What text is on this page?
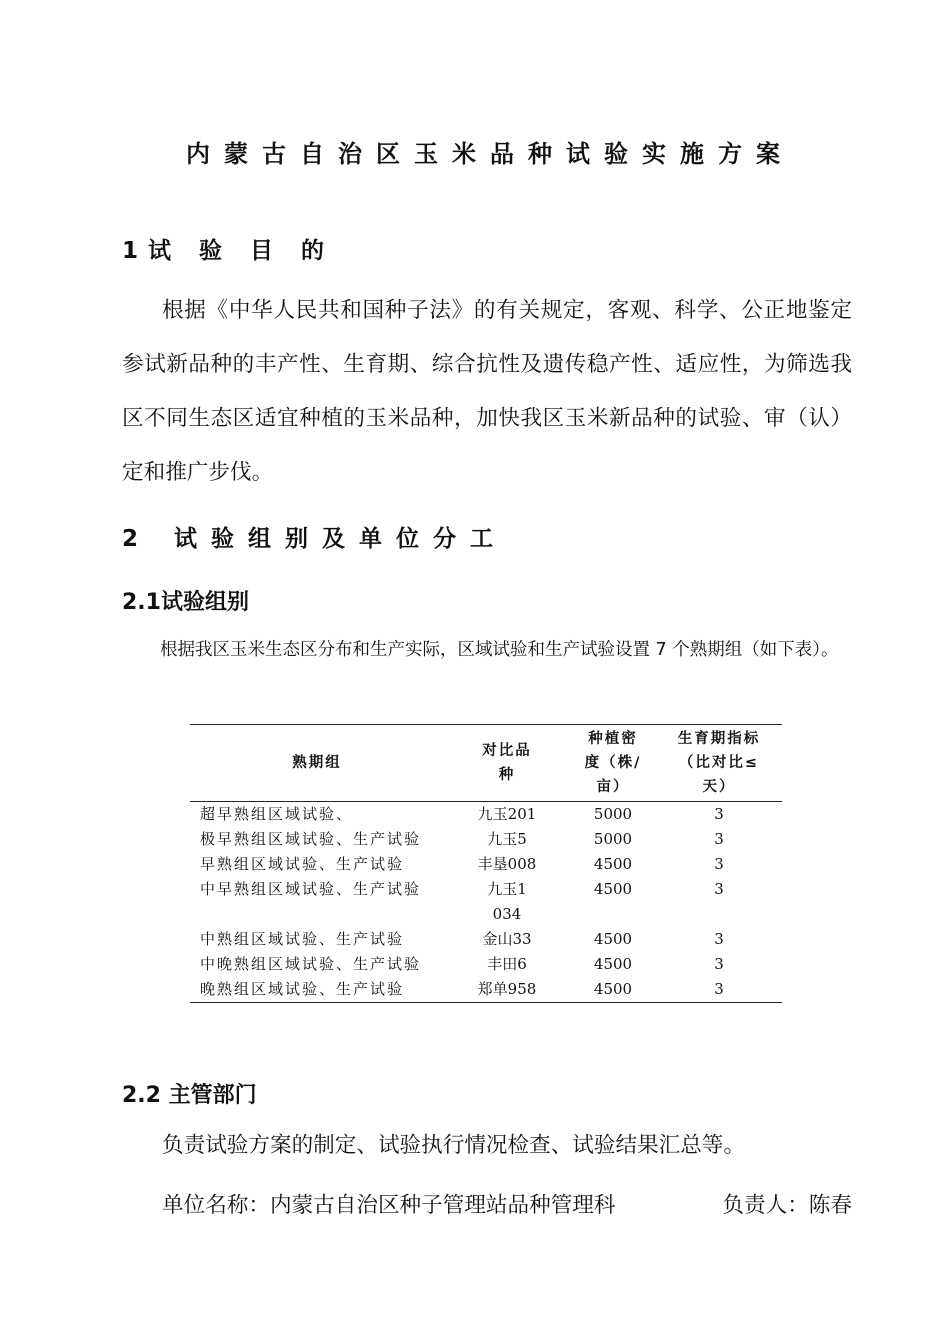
内蒙古自治区玉米品种试验实施方案
1试 验 目 的
根据《中华人民共和国种子法》的有关规定，客观、科学、公正地鉴定参试新品种的丰产性、生育期、综合抗性及遗传稳产性、适应性，为筛选我区不同生态区适宜种植的玉米品种，加快我区玉米新品种的试验、审（认）定和推广步伐。
2 试验组别及单位分工
2.1试验组别
根据我区玉米生态区分布和生产实际，区域试验和生产试验设置 7 个熟期组（如下表）。
熟期组	对比品种	种植密度（株/亩）	生育期指标（比对比≤天）

超早熟组区域试验、	九玉201	5000	3
极早熟组区域试验、生产试验	九玉5	5000	3
早熟组区域试验、生产试验	丰垦008	4500	3
中早熟组区域试验、生产试验	九玉1034	4500	3
中熟组区域试验、生产试验	金山33	4500	3
中晚熟组区域试验、生产试验	丰田6	4500	3
晚熟组区域试验、生产试验	郑单958	4500	3
2.2 主管部门
负责试验方案的制定、试验执行情况检查、试验结果汇总等。
单位名称：内蒙古自治区种子管理站品种管理科	负责人：陈春
